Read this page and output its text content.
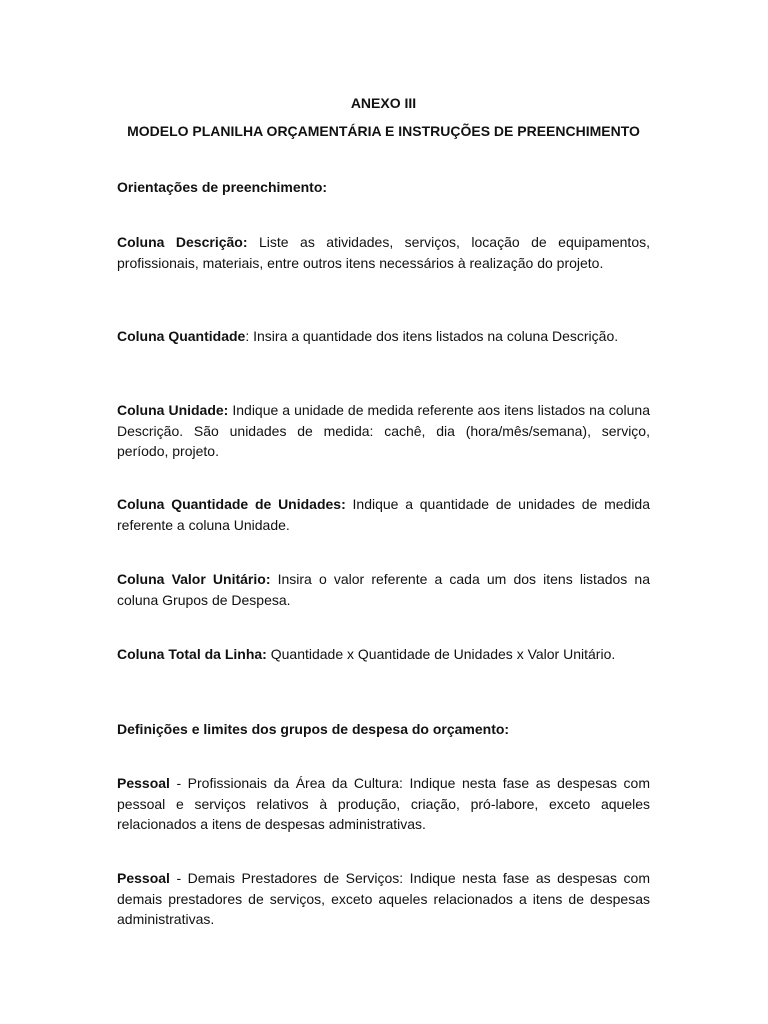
ANEXO III

MODELO PLANILHA ORÇAMENTÁRIA E INSTRUÇÕES DE PREENCHIMENTO

Orientações de preenchimento:

Coluna Descrição: Liste as atividades, serviços, locação de equipamentos, profissionais, materiais, entre outros itens necessários à realização do projeto.

Coluna Quantidade: Insira a quantidade dos itens listados na coluna Descrição.

Coluna Unidade: Indique a unidade de medida referente aos itens listados na coluna Descrição. São unidades de medida: cachê, dia (hora/mês/semana), serviço, período, projeto.

Coluna Quantidade de Unidades: Indique a quantidade de unidades de medida referente a coluna Unidade.

Coluna Valor Unitário: Insira o valor referente a cada um dos itens listados na coluna Grupos de Despesa.

Coluna Total da Linha: Quantidade x Quantidade de Unidades x Valor Unitário.

Definições e limites dos grupos de despesa do orçamento:

Pessoal - Profissionais da Área da Cultura: Indique nesta fase as despesas com pessoal e serviços relativos à produção, criação, pró-labore, exceto aqueles relacionados a itens de despesas administrativas.

Pessoal - Demais Prestadores de Serviços: Indique nesta fase as despesas com demais prestadores de serviços, exceto aqueles relacionados a itens de despesas administrativas.
